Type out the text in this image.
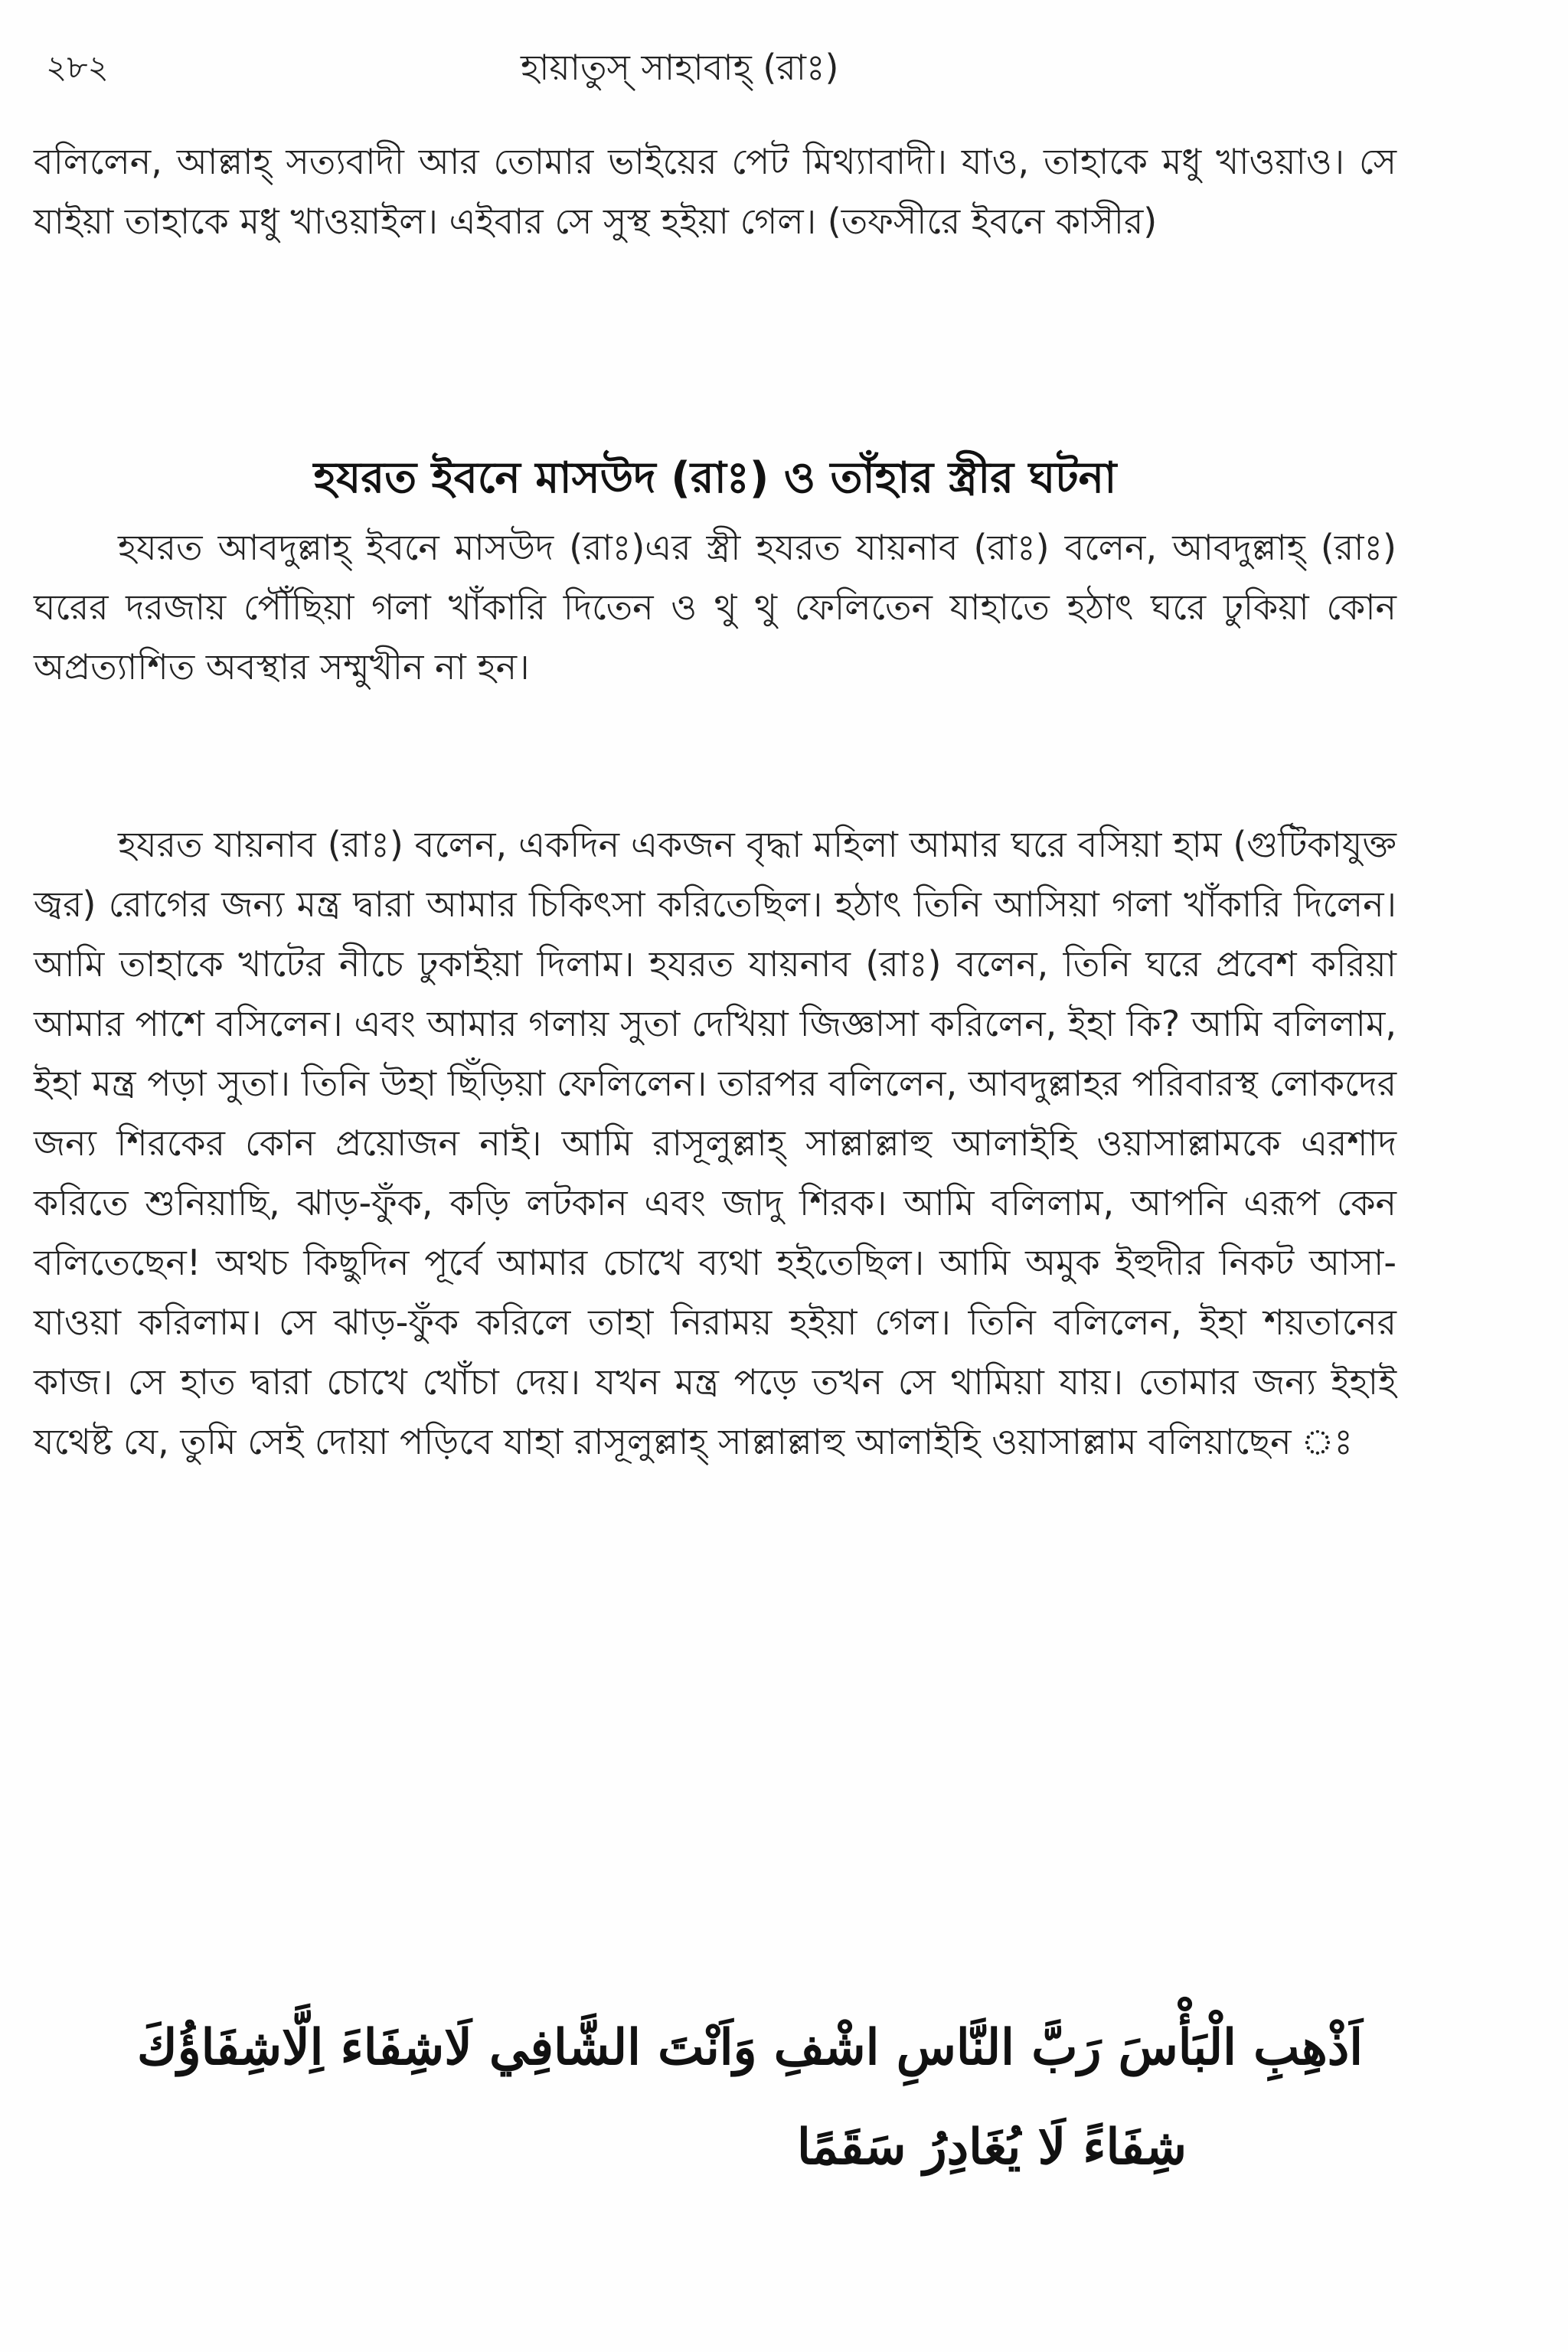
২৮২	হায়াতুস্ সাহাবাহ্ (রাঃ)

বলিলেন, আল্লাহ্ সত্যবাদী আর তোমার ভাইয়ের পেট মিথ্যাবাদী। যাও, তাহাকে মধু খাওয়াও। সে যাইয়া তাহাকে মধু খাওয়াইল। এইবার সে সুস্থ হইয়া গেল। (তফসীরে ইবনে কাসীর)

হযরত ইবনে মাসউদ (রাঃ) ও তাঁহার স্ত্রীর ঘটনা

হযরত আবদুল্লাহ্ ইবনে মাসউদ (রাঃ)এর স্ত্রী হযরত যায়নাব (রাঃ) বলেন, আবদুল্লাহ্ (রাঃ) ঘরের দরজায় পৌঁছিয়া গলা খাঁকারি দিতেন ও থু থু ফেলিতেন যাহাতে হঠাৎ ঘরে ঢুকিয়া কোন অপ্রত্যাশিত অবস্থার সম্মুখীন না হন।

হযরত যায়নাব (রাঃ) বলেন, একদিন একজন বৃদ্ধা মহিলা আমার ঘরে বসিয়া হাম (গুটিকাযুক্ত জ্বর) রোগের জন্য মন্ত্র দ্বারা আমার চিকিৎসা করিতেছিল। হঠাৎ তিনি আসিয়া গলা খাঁকারি দিলেন। আমি তাহাকে খাটের নীচে ঢুকাইয়া দিলাম। হযরত যায়নাব (রাঃ) বলেন, তিনি ঘরে প্রবেশ করিয়া আমার পাশে বসিলেন। এবং আমার গলায় সুতা দেখিয়া জিজ্ঞাসা করিলেন, ইহা কি? আমি বলিলাম, ইহা মন্ত্র পড়া সুতা। তিনি উহা ছিঁড়িয়া ফেলিলেন। তারপর বলিলেন, আবদুল্লাহর পরিবারস্থ লোকদের জন্য শিরকের কোন প্রয়োজন নাই। আমি রাসূলুল্লাহ্ সাল্লাল্লাহু আলাইহি ওয়াসাল্লামকে এরশাদ করিতে শুনিয়াছি, ঝাড়-ফুঁক, কড়ি লটকান এবং জাদু শিরক। আমি বলিলাম, আপনি এরূপ কেন বলিতেছেন! অথচ কিছুদিন পূর্বে আমার চোখে ব্যথা হইতেছিল। আমি অমুক ইহুদীর নিকট আসা-যাওয়া করিলাম। সে ঝাড়-ফুঁক করিলে তাহা নিরাময় হইয়া গেল। তিনি বলিলেন, ইহা শয়তানের কাজ। সে হাত দ্বারা চোখে খোঁচা দেয়। যখন মন্ত্র পড়ে তখন সে থামিয়া যায়। তোমার জন্য ইহাই যথেষ্ট যে, তুমি সেই দোয়া পড়িবে যাহা রাসূলুল্লাহ্ সাল্লাল্লাহু আলাইহি ওয়াসাল্লাম বলিয়াছেন ঃ

اَذْهِبِ الْبَأْسَ رَبَّ النَّاسِ اشْفِ وَاَنْتَ الشَّافِي لَاشِفَاءَ اِلَّاشِفَاؤُكَ
شِفَاءً لَا يُغَادِرُ سَقَمًا
